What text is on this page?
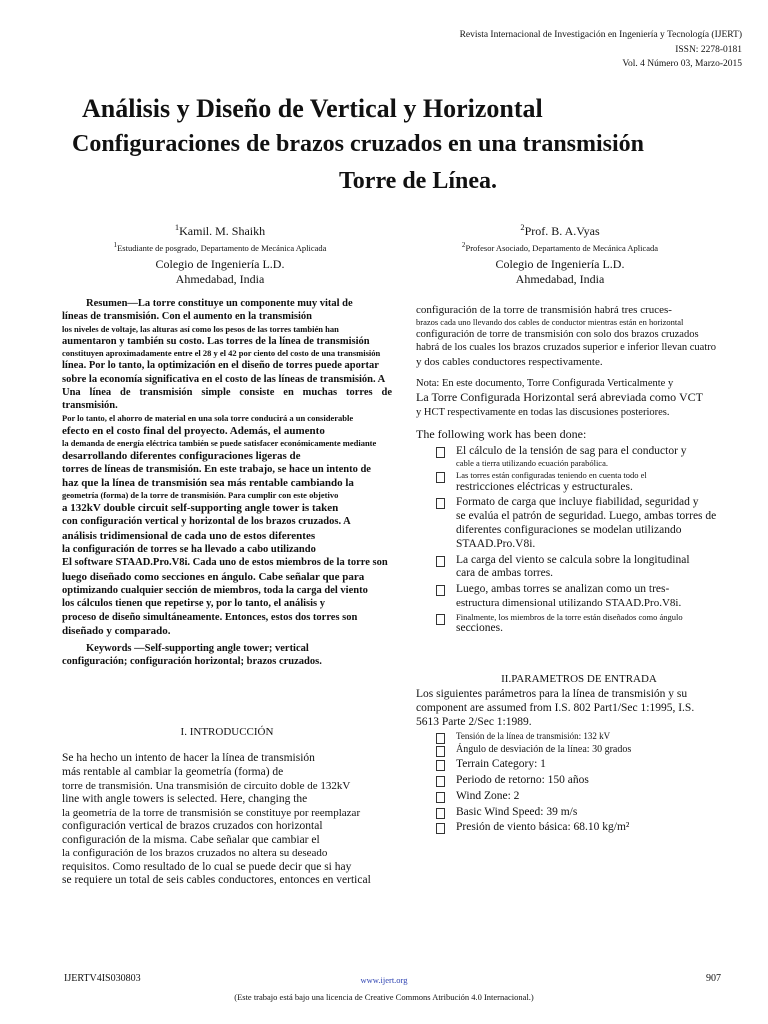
Revista Internacional de Investigación en Ingeniería y Tecnología (IJERT)
ISSN: 2278-0181
Vol. 4 Número 03, Marzo-2015
Análisis y Diseño de Vertical y Horizontal
Configuraciones de brazos cruzados en una transmisión
Torre de Línea.
$^1$Kamil. M. Shaikh
$^1$Estudiante de posgrado, Departamento de Mecánica Aplicada
Colegio de Ingeniería L.D.
Ahmedabad, India
$^2$Prof. B. A.Vyas
$^2$Profesor Asociado, Departamento de Mecánica Aplicada
Colegio de Ingeniería L.D.
Ahmedabad, India

Resumen—La torre constituye un componente muy vital de

líneas de transmisión. Con el aumento en la transmisión

los niveles de voltaje, las alturas así como los pesos de las torres también han

aumentaron y también su costo. Las torres de la línea de transmisión

constituyen aproximadamente entre el 28 y el 42 por ciento del costo de una transmisión

línea. Por lo tanto, la optimización en el diseño de torres puede aportar

sobre la economía significativa en el costo de las líneas de transmisión. A

Una línea de transmisión simple consiste en muchas torres de transmisión.

Por lo tanto, el ahorro de material en una sola torre conducirá a un considerable

efecto en el costo final del proyecto. Además, el aumento

la demanda de energía eléctrica también se puede satisfacer económicamente mediante

desarrollando diferentes configuraciones ligeras de

torres de líneas de transmisión. En este trabajo, se hace un intento de

haz que la línea de transmisión sea más rentable cambiando la

geometría (forma) de la torre de transmisión. Para cumplir con este objetivo

a 132kV double circuit self-supporting angle tower is taken

con configuración vertical y horizontal de los brazos cruzados. A

análisis tridimensional de cada uno de estos diferentes

la configuración de torres se ha llevado a cabo utilizando

El software STAAD.Pro.V8i. Cada uno de estos miembros de la torre son

luego diseñado como secciones en ángulo. Cabe señalar que para

optimizando cualquier sección de miembros, toda la carga del viento

los cálculos tienen que repetirse y, por lo tanto, el análisis y

proceso de diseño simultáneamente. Entonces, estos dos torres son

diseñado y comparado.

Keywords —Self-supporting angle tower; vertical

configuración; configuración horizontal; brazos cruzados.

I. INTRODUCCIÓN

Se ha hecho un intento de hacer la línea de transmisión

más rentable al cambiar la geometría (forma) de

torre de transmisión. Una transmisión de circuito doble de 132kV

line with angle towers is selected. Here, changing the

la geometría de la torre de transmisión se constituye por reemplazar

configuración vertical de brazos cruzados con horizontal

configuración de la misma. Cabe señalar que cambiar el

la configuración de los brazos cruzados no altera su deseado

requisitos. Como resultado de lo cual se puede decir que si hay

se requiere un total de seis cables conductores, entonces en vertical

configuración de la torre de transmisión habrá tres cruces-

brazos cada uno llevando dos cables de conductor mientras están en horizontal

configuración de torre de transmisión con solo dos brazos cruzados

habrá de los cuales los brazos cruzados superior e inferior llevan cuatro

y dos cables conductores respectivamente.

Nota: En este documento, Torre Configurada Verticalmente y

La Torre Configurada Horizontal será abreviada como VCT

y HCT respectivamente en todas las discusiones posteriores.

The following work has been done:

El cálculo de la tensión de sag para el conductor y
cable a tierra utilizando ecuación parabólica.
Las torres están configuradas teniendo en cuenta todo el
restricciones eléctricas y estructurales.
Formato de carga que incluye fiabilidad, seguridad y
se evalúa el patrón de seguridad. Luego, ambas torres de
diferentes configuraciones se modelan utilizando
STAAD.Pro.V8i.
La carga del viento se calcula sobre la longitudinal
cara de ambas torres.
Luego, ambas torres se analizan como un tres-
estructura dimensional utilizando STAAD.Pro.V8i.
Finalmente, los miembros de la torre están diseñados como ángulo
secciones.
II.PARAMETROS DE ENTRADA

Los siguientes parámetros para la línea de transmisión y su

component are assumed from I.S. 802 Part1/Sec 1:1995, I.S.

5613 Parte 2/Sec 1:1989.

Tensión de la línea de transmisión: 132 kV
Ángulo de desviación de la línea: 30 grados
Terrain Category: 1
Periodo de retorno: 150 años
Wind Zone: 2
Basic Wind Speed: 39 m/s
Presión de viento básica: 68.10 kg/m²
IJERTV4IS030803	www.ijert.org	907
(Este trabajo está bajo una licencia de Creative Commons Atribución 4.0 Internacional.)
